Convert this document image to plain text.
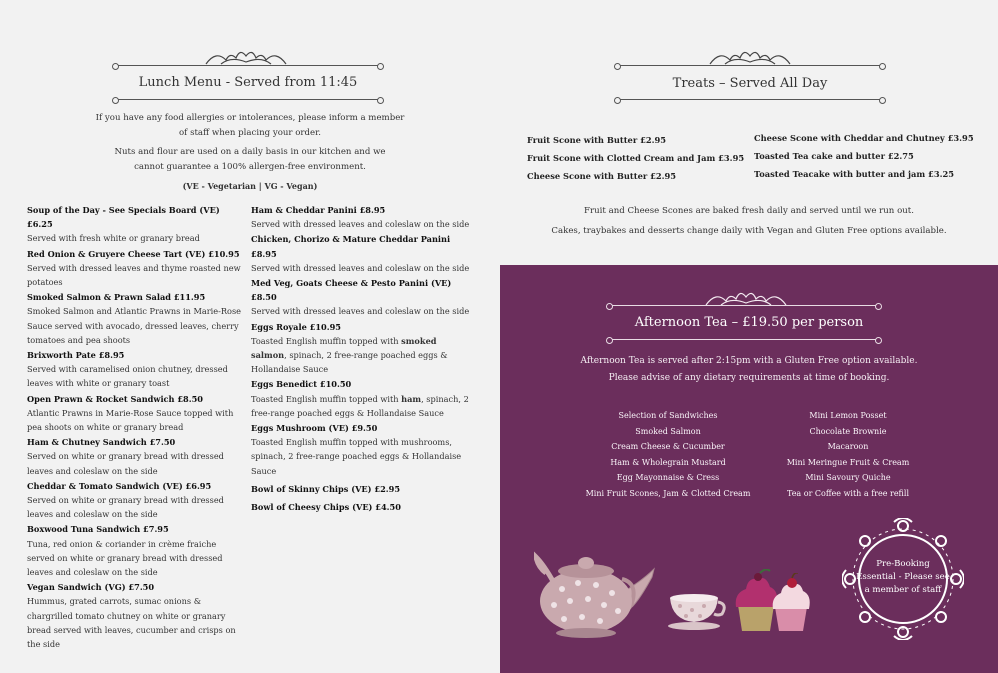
Lunch Menu - Served from 11:45
If you have any food allergies or intolerances, please inform a member of staff when placing your order.
Nuts and flour are used on a daily basis in our kitchen and we cannot guarantee a 100% allergen-free environment.
(VE - Vegetarian | VG - Vegan)
Soup of the Day - See Specials Board (VE) £6.25
Served with fresh white or granary bread
Red Onion & Gruyere Cheese Tart (VE) £10.95
Served with dressed leaves and thyme roasted new potatoes
Smoked Salmon & Prawn Salad £11.95
Smoked Salmon and Atlantic Prawns in Marie-Rose Sauce served with avocado, dressed leaves, cherry tomatoes and pea shoots
Brixworth Pate £8.95
Served with caramelised onion chutney, dressed leaves with white or granary toast
Open Prawn & Rocket Sandwich £8.50
Atlantic Prawns in Marie-Rose Sauce topped with pea shoots on white or granary bread
Ham & Chutney Sandwich £7.50
Served on white or granary bread with dressed leaves and coleslaw on the side
Cheddar & Tomato Sandwich (VE) £6.95
Served on white or granary bread with dressed leaves and coleslaw on the side
Boxwood Tuna Sandwich £7.95
Tuna, red onion & coriander in crème fraiche served on white or granary bread with dressed leaves and coleslaw on the side
Vegan Sandwich (VG) £7.50
Hummus, grated carrots, sumac onions & chargrilled tomato chutney on white or granary bread served with leaves, cucumber and crisps on the side
Ham & Cheddar Panini £8.95
Served with dressed leaves and coleslaw on the side
Chicken, Chorizo & Mature Cheddar Panini £8.95
Served with dressed leaves and coleslaw on the side
Med Veg, Goats Cheese & Pesto Panini (VE) £8.50
Served with dressed leaves and coleslaw on the side
Eggs Royale £10.95
Toasted English muffin topped with smoked salmon, spinach, 2 free-range poached eggs & Hollandaise Sauce
Eggs Benedict £10.50
Toasted English muffin topped with ham, spinach, 2 free-range poached eggs & Hollandaise Sauce
Eggs Mushroom (VE) £9.50
Toasted English muffin topped with mushrooms, spinach, 2 free-range poached eggs & Hollandaise Sauce
Bowl of Skinny Chips (VE) £2.95
Bowl of Cheesy Chips (VE) £4.50
Treats – Served All Day
Fruit Scone with Butter £2.95
Fruit Scone with Clotted Cream and Jam £3.95
Cheese Scone with Butter £2.95
Cheese Scone with Cheddar and Chutney £3.95
Toasted Tea cake and butter £2.75
Toasted Teacake with butter and jam £3.25
Fruit and Cheese Scones are baked fresh daily and served until we run out.
Cakes, traybakes and desserts change daily with Vegan and Gluten Free options available.
Afternoon Tea – £19.50 per person
Afternoon Tea is served after 2:15pm with a Gluten Free option available.
Please advise of any dietary requirements at time of booking.
Selection of Sandwiches
Smoked Salmon
Cream Cheese & Cucumber
Ham & Wholegrain Mustard
Egg Mayonnaise & Cress
Mini Fruit Scones, Jam & Clotted Cream
Mini Lemon Posset
Chocolate Brownie
Macaroon
Mini Meringue Fruit & Cream
Mini Savoury Quiche
Tea or Coffee with a free refill
Pre-Booking Essential - Please see a member of staff
